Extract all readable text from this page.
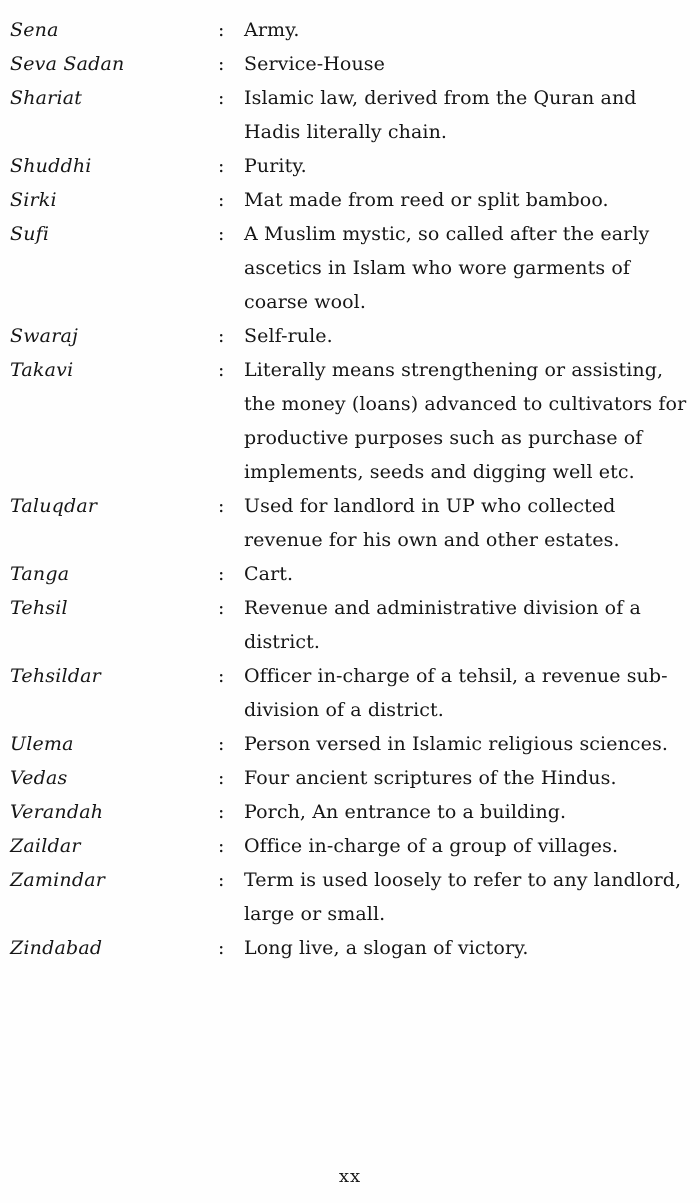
Sena	:	Army.
Seva Sadan	:	Service-House
Shariat	:	Islamic law, derived from the Quran and Hadis literally chain.
Shuddhi	:	Purity.
Sirki	:	Mat made from reed or split bamboo.
Sufi	:	A Muslim mystic, so called after the early ascetics in Islam who wore garments of coarse wool.
Swaraj	:	Self-rule.
Takavi	:	Literally means strengthening or assisting, the money (loans) advanced to cultivators for productive purposes such as purchase of implements, seeds and digging well etc.
Taluqdar	:	Used for landlord in UP who collected revenue for his own and other estates.
Tanga	:	Cart.
Tehsil	:	Revenue and administrative division of a district.
Tehsildar	:	Officer in-charge of a tehsil, a revenue sub-division of a district.
Ulema	:	Person versed in Islamic religious sciences.
Vedas	:	Four ancient scriptures of the Hindus.
Verandah	:	Porch, An entrance to a building.
Zaildar	:	Office in-charge of a group of villages.
Zamindar	:	Term is used loosely to refer to any landlord, large or small.
Zindabad	:	Long live, a slogan of victory.
xx
